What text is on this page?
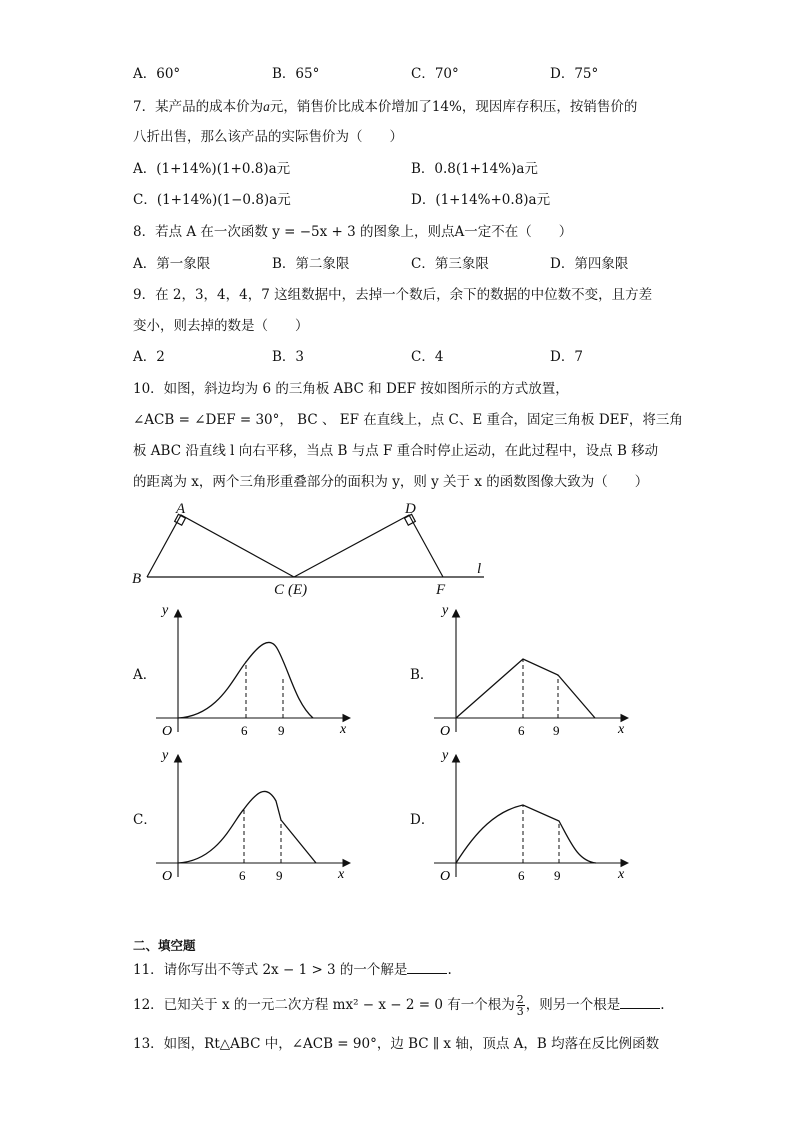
A．60°	B．65°	C．70°	D．75°
7．某产品的成本价为a元，销售价比成本价增加了14%，现因库存积压，按销售价的
八折出售，那么该产品的实际售价为（　　）
A．(1+14%)(1+0.8)a元	B．0.8(1+14%)a元
C．(1+14%)(1−0.8)a元	D．(1+14%+0.8)a元
8．若点 A 在一次函数 y = −5x + 3 的图象上，则点A一定不在（　　）
A．第一象限	B．第二象限	C．第三象限	D．第四象限
9．在 2，3，4，4，7 这组数据中，去掉一个数后，余下的数据的中位数不变，且方差
变小，则去掉的数是（　　）
A．2	B．3	C．4	D．7
10．如图，斜边均为 6 的三角板 ABC 和 DEF 按如图所示的方式放置，
∠ACB = ∠DEF = 30°， BC 、 EF 在直线上，点 C、E 重合，固定三角板 DEF，将三角
板 ABC 沿直线 l 向右平移，当点 B 与点 F 重合时停止运动，在此过程中，设点 B 移动
的距离为 x，两个三角形重叠部分的面积为 y，则 y 关于 x 的函数图像大致为（　　）
A
B
C (E)
D
F
l
y
x
O	6 9
y
x
O	6 9
y
x
O	6 9
y
x
O	6 9
A．	B．
C．	D．
二、填空题
11．请你写出不等式 2x − 1 > 3 的一个解是	.
12．已知关于 x 的一元二次方程 mx² − x − 2 = 0 有一个根为 $\frac{2}{3}$ ，则另一个根是	.
13．如图，Rt△ABC 中，∠ACB = 90°，边 BC ∥ x 轴，顶点 A，B 均落在反比例函数
